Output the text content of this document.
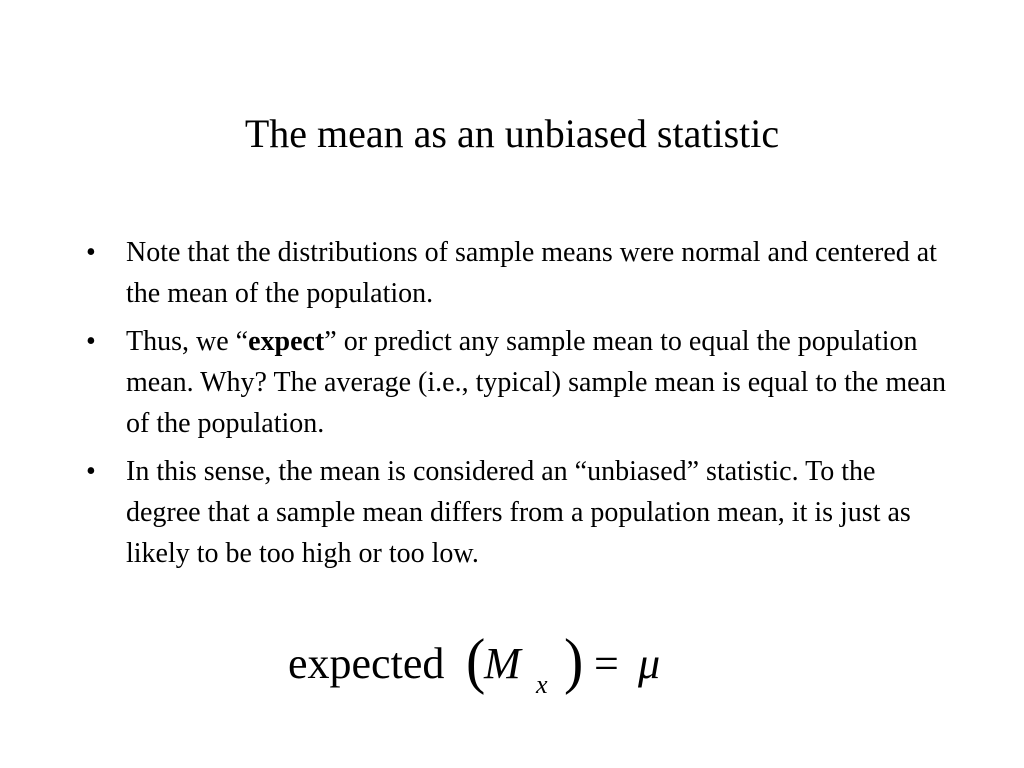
The mean as an unbiased statistic
• Note that the distributions of sample means were normal and centered at the mean of the population.
• Thus, we “expect” or predict any sample mean to equal the population mean. Why? The average (i.e., typical) sample mean is equal to the mean of the population.
• In this sense, the mean is considered an “unbiased” statistic. To the degree that a sample mean differs from a population mean, it is just as likely to be too high or too low.
expected (
M x ) = μ
